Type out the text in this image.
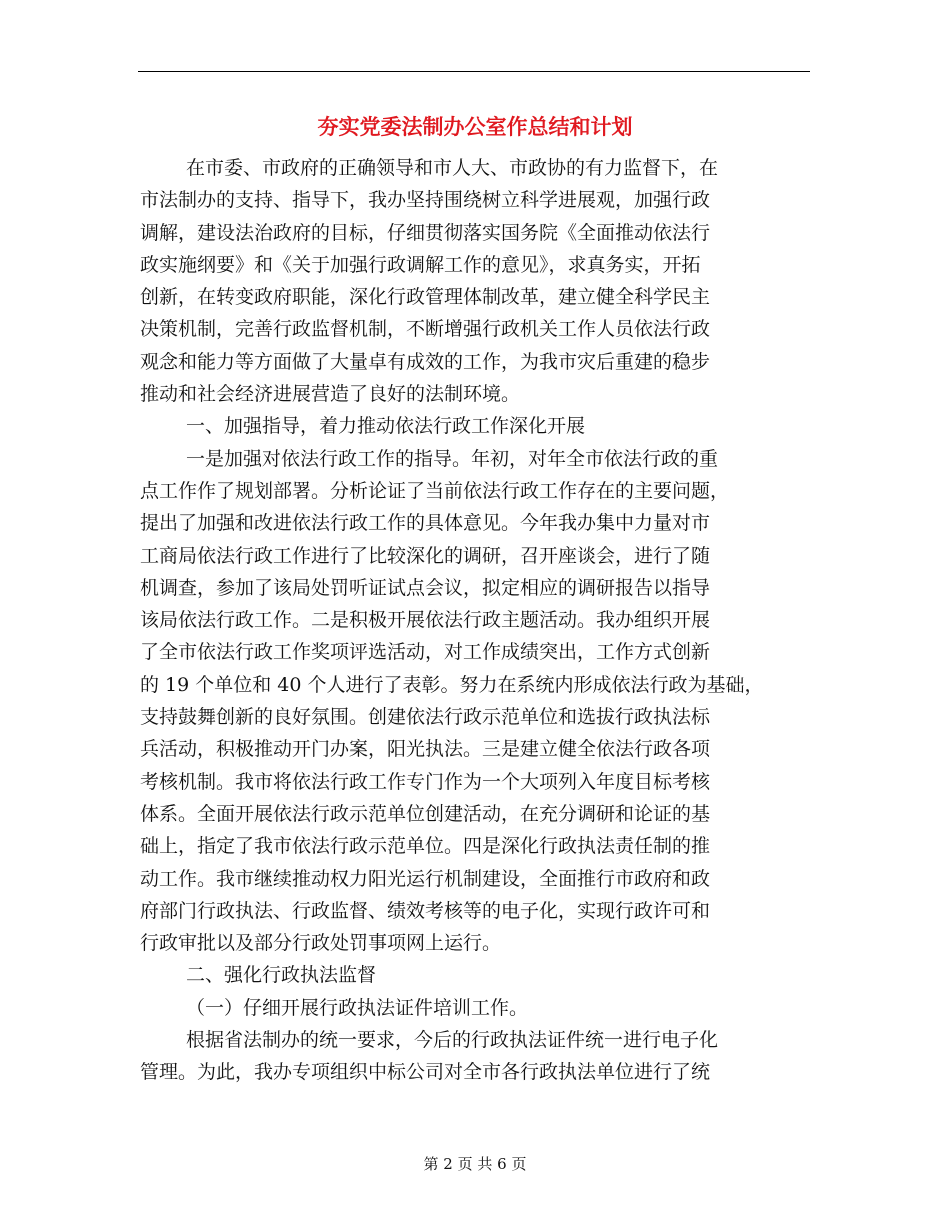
夯实党委法制办公室作总结和计划
在市委、市政府的正确领导和市人大、市政协的有力监督下，在
市法制办的支持、指导下，我办坚持围绕树立科学进展观，加强行政
调解，建设法治政府的目标，仔细贯彻落实国务院《全面推动依法行
政实施纲要》和《关于加强行政调解工作的意见》，求真务实，开拓
创新，在转变政府职能，深化行政管理体制改革，建立健全科学民主
决策机制，完善行政监督机制，不断增强行政机关工作人员依法行政
观念和能力等方面做了大量卓有成效的工作，为我市灾后重建的稳步
推动和社会经济进展营造了良好的法制环境。
一、加强指导，着力推动依法行政工作深化开展
一是加强对依法行政工作的指导。年初，对年全市依法行政的重
点工作作了规划部署。分析论证了当前依法行政工作存在的主要问题，
提出了加强和改进依法行政工作的具体意见。今年我办集中力量对市
工商局依法行政工作进行了比较深化的调研，召开座谈会，进行了随
机调查，参加了该局处罚听证试点会议，拟定相应的调研报告以指导
该局依法行政工作。二是积极开展依法行政主题活动。我办组织开展
了全市依法行政工作奖项评选活动，对工作成绩突出，工作方式创新
的 19 个单位和 40 个人进行了表彰。努力在系统内形成依法行政为基础，
支持鼓舞创新的良好氛围。创建依法行政示范单位和选拔行政执法标
兵活动，积极推动开门办案，阳光执法。三是建立健全依法行政各项
考核机制。我市将依法行政工作专门作为一个大项列入年度目标考核
体系。全面开展依法行政示范单位创建活动，在充分调研和论证的基
础上，指定了我市依法行政示范单位。四是深化行政执法责任制的推
动工作。我市继续推动权力阳光运行机制建设，全面推行市政府和政
府部门行政执法、行政监督、绩效考核等的电子化，实现行政许可和
行政审批以及部分行政处罚事项网上运行。
二、强化行政执法监督
（一）仔细开展行政执法证件培训工作。
根据省法制办的统一要求，今后的行政执法证件统一进行电子化
管理。为此，我办专项组织中标公司对全市各行政执法单位进行了统
第 2 页 共 6 页
